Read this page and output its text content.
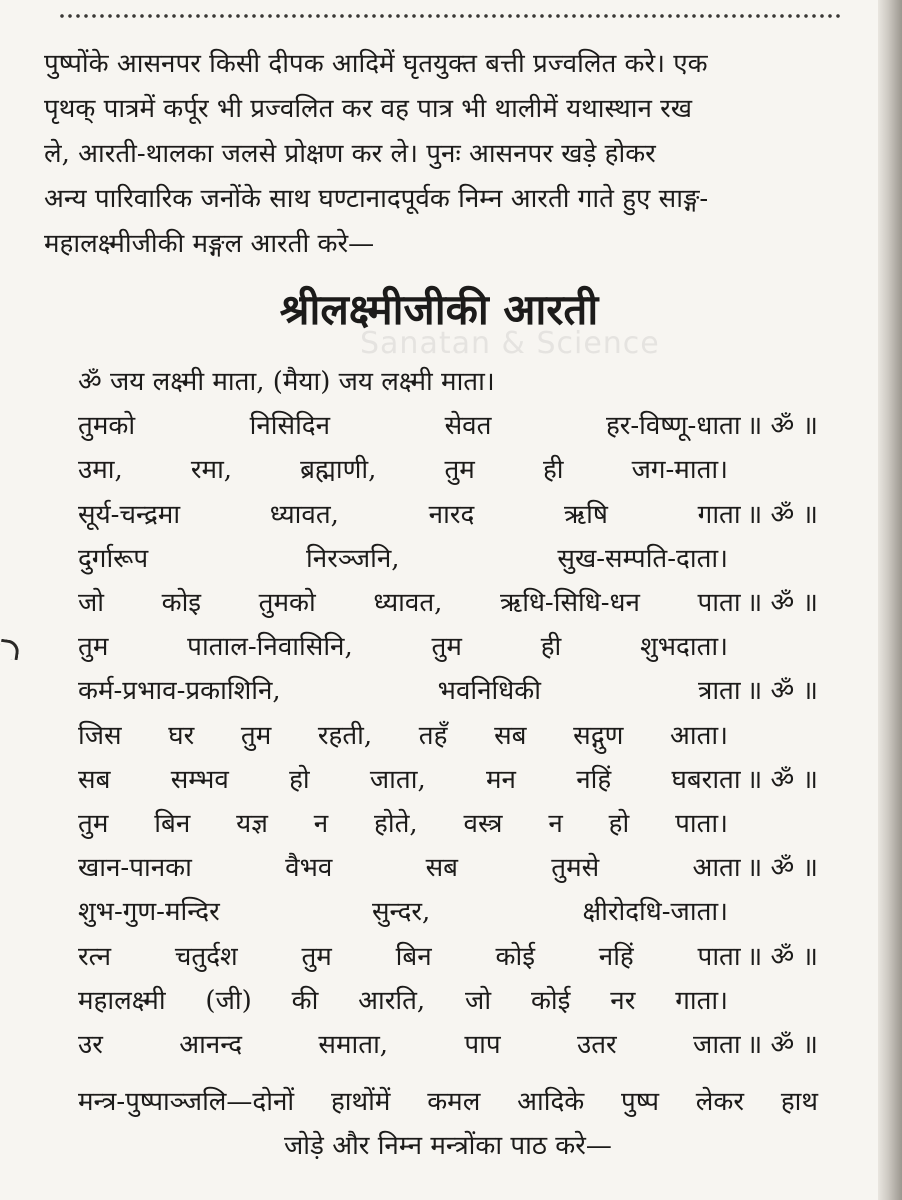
पुष्पोंके आसनपर किसी दीपक आदिमें घृतयुक्त बत्ती प्रज्वलित करे। एक

पृथक् पात्रमें कर्पूर भी प्रज्वलित कर वह पात्र भी थालीमें यथास्थान रख

ले, आरती-थालका जलसे प्रोक्षण कर ले। पुनः आसनपर खड़े होकर

अन्य पारिवारिक जनोंके साथ घण्टानादपूर्वक निम्न आरती गाते हुए साङ्ग-

महालक्ष्मीजीकी मङ्गल आरती करे—

श्रीलक्ष्मीजीकी आरती
Sanatan & Science
ॐ जय लक्ष्मी माता, (मैया) जय लक्ष्मी माता।
तुमको निसिदिन सेवत हर-विष्णू-धाता ॥ ॐ ॥
उमा, रमा, ब्रह्माणी, तुम ही जग-माता।
सूर्य-चन्द्रमा ध्यावत, नारद ऋषि गाता ॥ ॐ ॥
दुर्गारूप निरञ्जनि, सुख-सम्पति-दाता।
जो कोइ तुमको ध्यावत, ऋधि-सिधि-धन पाता ॥ ॐ ॥
तुम पाताल-निवासिनि, तुम ही शुभदाता।
कर्म-प्रभाव-प्रकाशिनि, भवनिधिकी त्राता ॥ ॐ ॥
जिस घर तुम रहती, तहँ सब सद्गुण आता।
सब सम्भव हो जाता, मन नहिं घबराता ॥ ॐ ॥
तुम बिन यज्ञ न होते, वस्त्र न हो पाता।
खान-पानका वैभव सब तुमसे आता ॥ ॐ ॥
शुभ-गुण-मन्दिर सुन्दर, क्षीरोदधि-जाता।
रत्न चतुर्दश तुम बिन कोई नहिं पाता ॥ ॐ ॥
महालक्ष्मी (जी) की आरति, जो कोई नर गाता।
उर आनन्द समाता, पाप उतर जाता ॥ ॐ ॥
मन्त्र-पुष्पाञ्जलि—दोनों हाथोंमें कमल आदिके पुष्प लेकर हाथ
जोड़े और निम्न मन्त्रोंका पाठ करे—
